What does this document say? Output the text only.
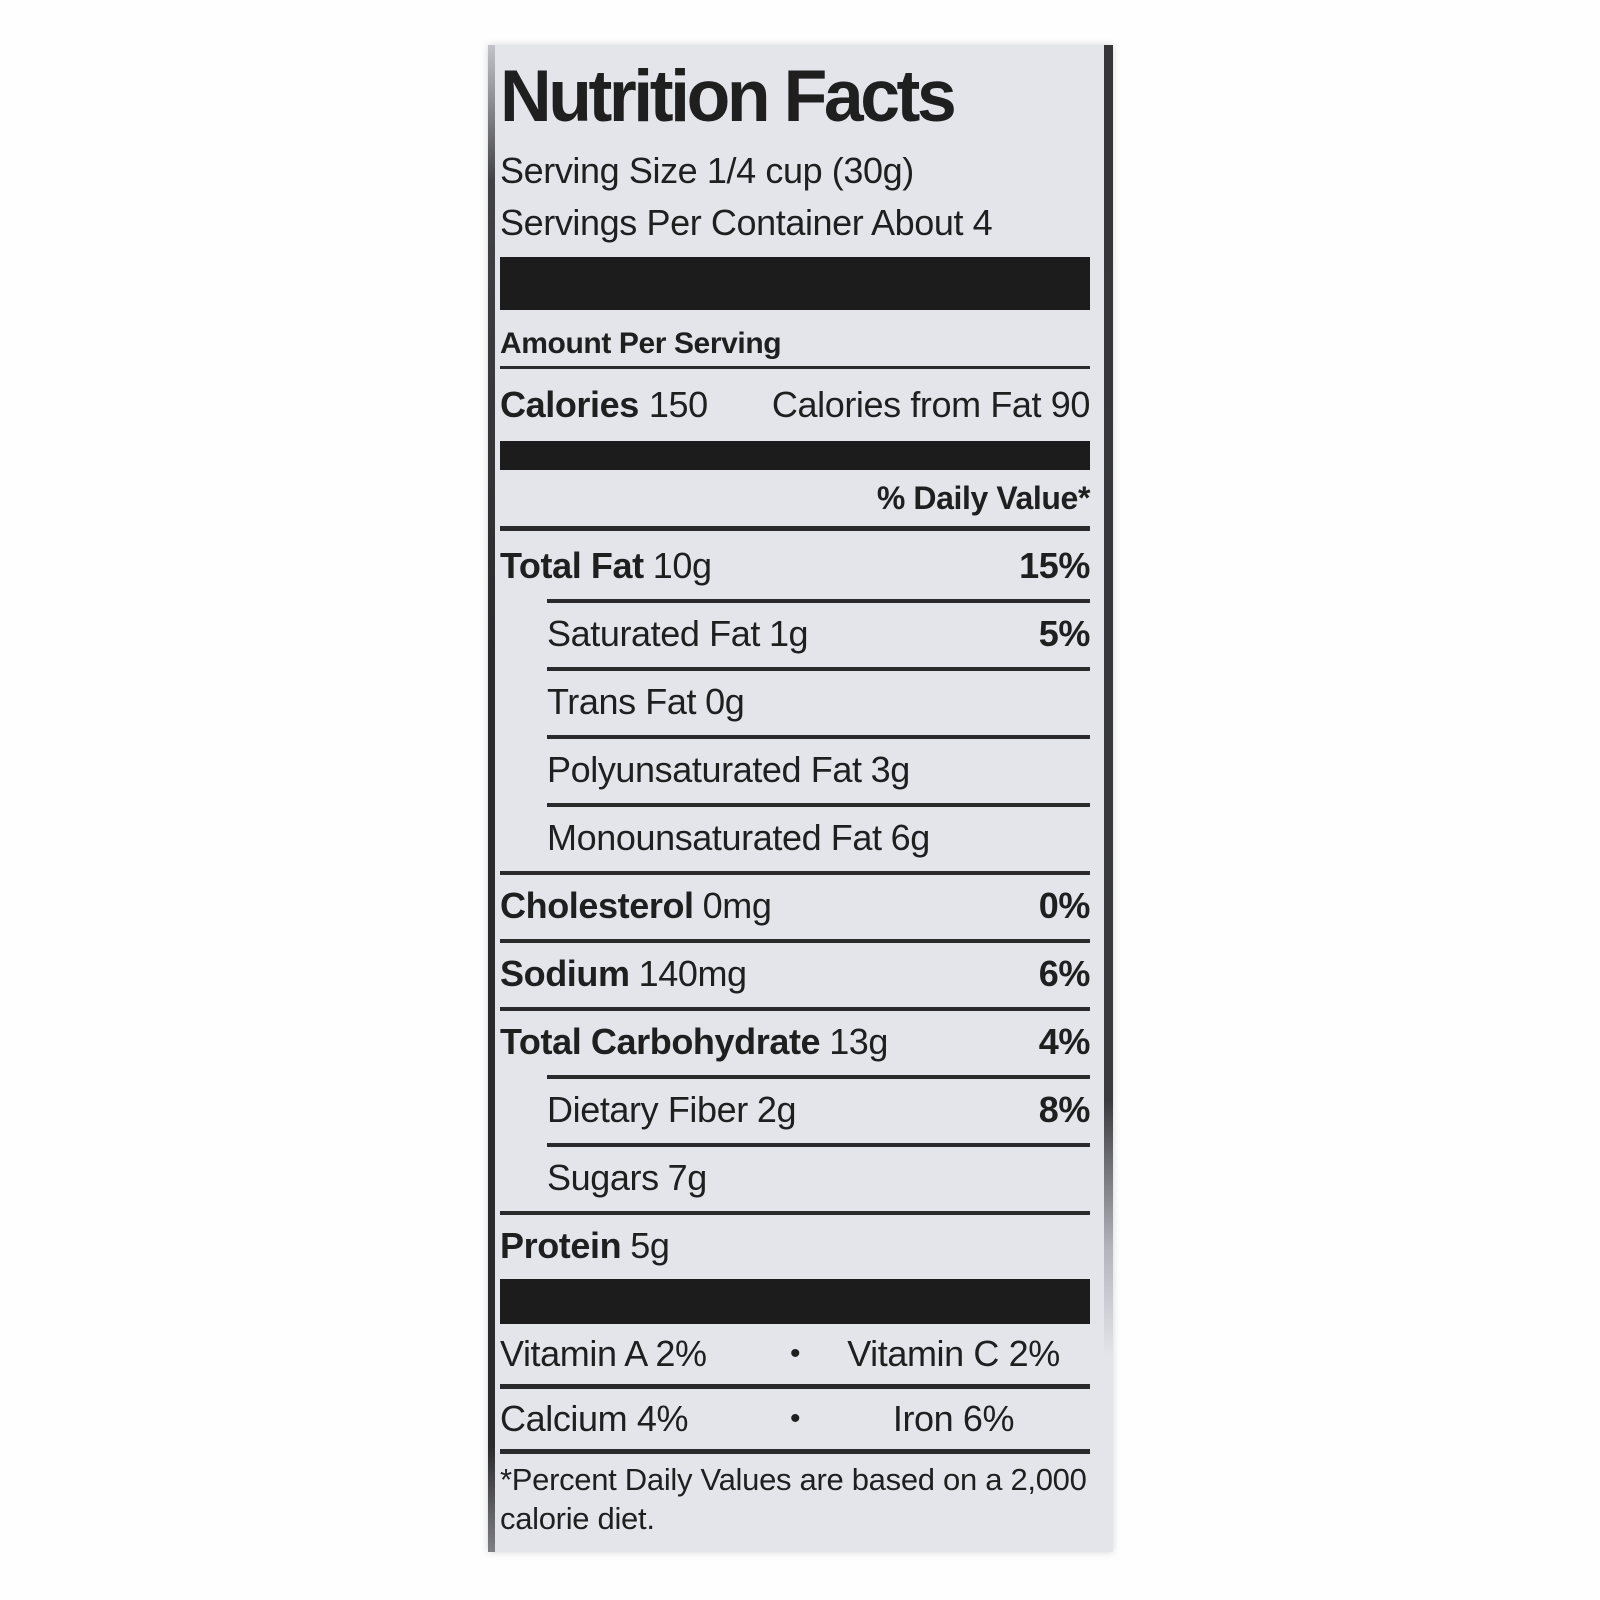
Nutrition Facts
Serving Size 1/4 cup (30g)
Servings Per Container About 4
Amount Per Serving
Calories 150 Calories from Fat 90
% Daily Value*
Total Fat 10g	15%
Saturated Fat 1g	5%
Trans Fat 0g
Polyunsaturated Fat 3g
Monounsaturated Fat 6g
Cholesterol 0mg	0%
Sodium 140mg	6%
Total Carbohydrate 13g	4%
Dietary Fiber 2g	8%
Sugars 7g
Protein 5g
Vitamin A 2%	•	Vitamin C 2%
Calcium 4%	•	Iron 6%
*Percent Daily Values are based on a 2,000
calorie diet.
